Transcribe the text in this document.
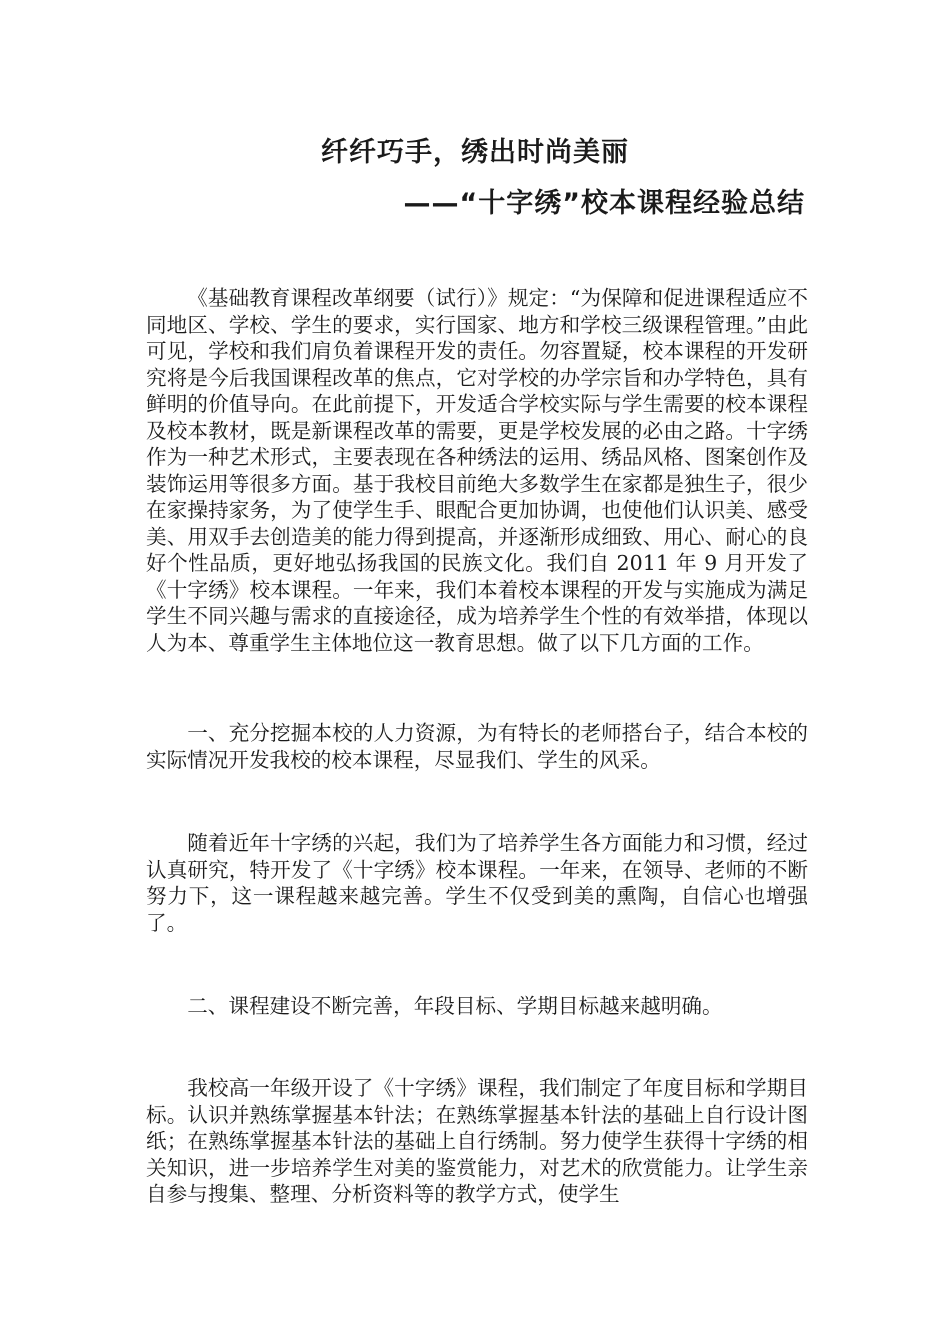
纤纤巧手，绣出时尚美丽
——“十字绣”校本课程经验总结

《基础教育课程改革纲要（试行）》规定：“为保障和促进课程适应不同地区、学校、学生的要求，实行国家、地方和学校三级课程管理。”由此可见，学校和我们肩负着课程开发的责任。勿容置疑，校本课程的开发研究将是今后我国课程改革的焦点，它对学校的办学宗旨和办学特色，具有鲜明的价值导向。在此前提下，开发适合学校实际与学生需要的校本课程及校本教材，既是新课程改革的需要，更是学校发展的必由之路。十字绣作为一种艺术形式，主要表现在各种绣法的运用、绣品风格、图案创作及装饰运用等很多方面。基于我校目前绝大多数学生在家都是独生子，很少在家操持家务，为了使学生手、眼配合更加协调，也使他们认识美、感受美、用双手去创造美的能力得到提高，并逐渐形成细致、用心、耐心的良好个性品质，更好地弘扬我国的民族文化。我们自 2011 年 9 月开发了《十字绣》校本课程。一年来，我们本着校本课程的开发与实施成为满足学生不同兴趣与需求的直接途径，成为培养学生个性的有效举措，体现以人为本、尊重学生主体地位这一教育思想。做了以下几方面的工作。

一、充分挖掘本校的人力资源，为有特长的老师搭台子，结合本校的实际情况开发我校的校本课程，尽显我们、学生的风采。

随着近年十字绣的兴起，我们为了培养学生各方面能力和习惯，经过认真研究，特开发了《十字绣》校本课程。一年来，在领导、老师的不断努力下，这一课程越来越完善。学生不仅受到美的熏陶，自信心也增强了。

二、课程建设不断完善，年段目标、学期目标越来越明确。

我校高一年级开设了《十字绣》课程，我们制定了年度目标和学期目标。认识并熟练掌握基本针法；在熟练掌握基本针法的基础上自行设计图纸；在熟练掌握基本针法的基础上自行绣制。努力使学生获得十字绣的相关知识，进一步培养学生对美的鉴赏能力，对艺术的欣赏能力。让学生亲自参与搜集、整理、分析资料等的教学方式，使学生
